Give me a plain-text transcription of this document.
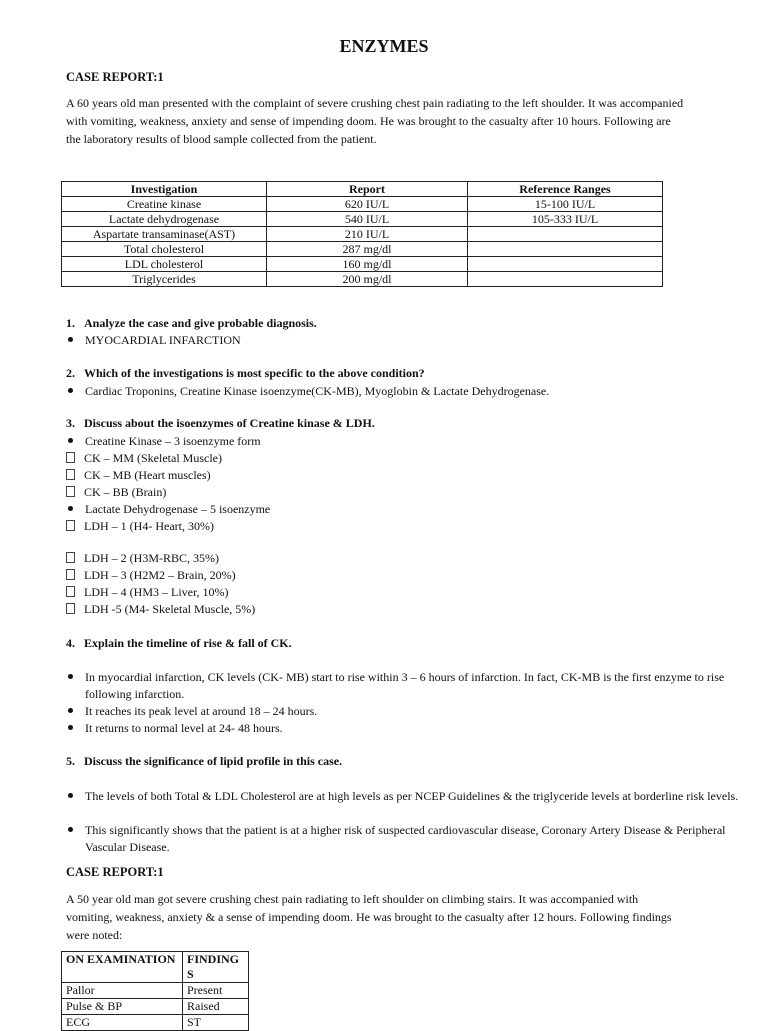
ENZYMES
CASE REPORT:1
A 60 years old man presented with the complaint of severe crushing chest pain radiating to the left shoulder. It was accompanied with vomiting, weakness, anxiety and sense of impending doom. He was brought to the casualty after 10 hours. Following are the laboratory results of blood sample collected from the patient.
Investigation	Report	Reference Ranges
Creatine kinase	620 IU/L	15-100 IU/L
Lactate dehydrogenase	540 IU/L	105-333 IU/L
Aspartate transaminase(AST)	210 IU/L	
Total cholesterol	287 mg/dl	
LDL cholesterol	160 mg/dl	
Triglycerides	200 mg/dl	
1. Analyze the case and give probable diagnosis.
MYOCARDIAL INFARCTION
2. Which of the investigations is most specific to the above condition?
Cardiac Troponins, Creatine Kinase isoenzyme(CK-MB), Myoglobin & Lactate Dehydrogenase.
3. Discuss about the isoenzymes of Creatine kinase & LDH.
Creatine Kinase – 3 isoenzyme form
CK – MM (Skeletal Muscle)
CK – MB (Heart muscles)
CK – BB (Brain)
Lactate Dehydrogenase – 5 isoenzyme
LDH – 1 (H4- Heart, 30%)
LDH – 2 (H3M-RBC, 35%)
LDH – 3 (H2M2 – Brain, 20%)
LDH – 4 (HM3 – Liver, 10%)
LDH -5 (M4- Skeletal Muscle, 5%)
4. Explain the timeline of rise & fall of CK.
In myocardial infarction, CK levels (CK- MB) start to rise within 3 – 6 hours of infarction. In fact, CK-MB is the first enzyme to rise following infarction.
It reaches its peak level at around 18 – 24 hours.
It returns to normal level at 24- 48 hours.
5. Discuss the significance of lipid profile in this case.
The levels of both Total & LDL Cholesterol are at high levels as per NCEP Guidelines & the triglyceride levels at borderline risk levels.
This significantly shows that the patient is at a higher risk of suspected cardiovascular disease, Coronary Artery Disease & Peripheral Vascular Disease.
CASE REPORT:1
A 50 year old man got severe crushing chest pain radiating to left shoulder on climbing stairs. It was accompanied with vomiting, weakness, anxiety & a sense of impending doom. He was brought to the casualty after 12 hours. Following findings were noted:
ON EXAMINATION	FINDINGS
Pallor	Present
Pulse & BP	Raised
ECG	ST
